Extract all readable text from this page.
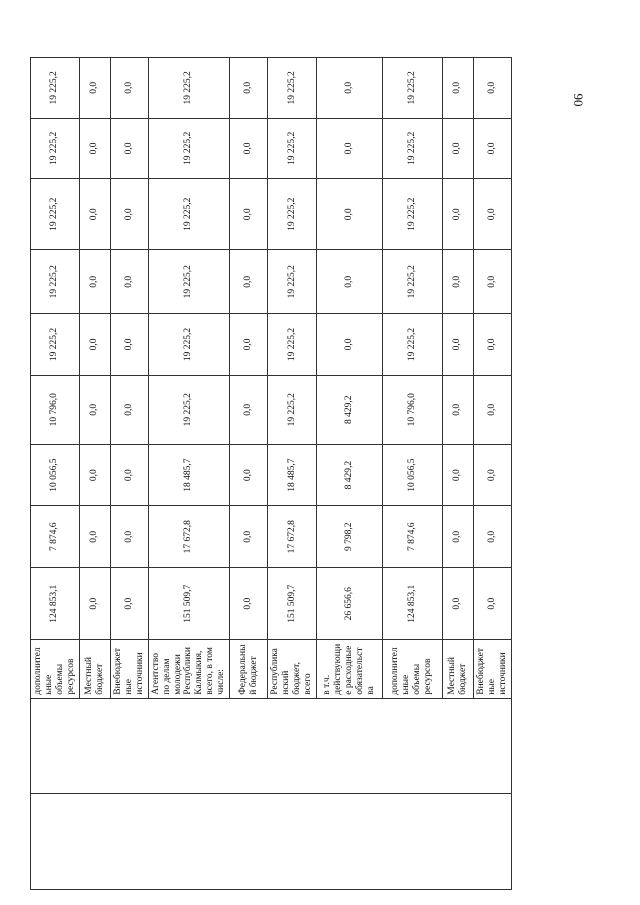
		дополнительные объемы ресурсов	124 853,1	7 874,6	10 056,5	10 796,0	19 225,2	19 225,2	19 225,2	19 225,2	19 225,2
		Местный бюджет	0,0	0,0	0,0	0,0	0,0	0,0	0,0	0,0	0,0
		Внебюджетные источники	0,0	0,0	0,0	0,0	0,0	0,0	0,0	0,0	0,0
		Агентство по делам молодежи Республики Калмыкия, всего, в том числе:	151 509,7	17 672,8	18 485,7	19 225,2	19 225,2	19 225,2	19 225,2	19 225,2	19 225,2
		Федеральный бюджет	0,0	0,0	0,0	0,0	0,0	0,0	0,0	0,0	0,0
		Республиканский бюджет, всего	151 509,7	17 672,8	18 485,7	19 225,2	19 225,2	19 225,2	19 225,2	19 225,2	19 225,2
		в т.ч. действующие расходные обязательства	26 656,6	9 798,2	8 429,2	8 429,2	0,0	0,0	0,0	0,0	0,0
		дополнительные объемы ресурсов	124 853,1	7 874,6	10 056,5	10 796,0	19 225,2	19 225,2	19 225,2	19 225,2	19 225,2
		Местный бюджет	0,0	0,0	0,0	0,0	0,0	0,0	0,0	0,0	0,0
		Внебюджетные источники	0,0	0,0	0,0	0,0	0,0	0,0	0,0	0,0	0,0
90
